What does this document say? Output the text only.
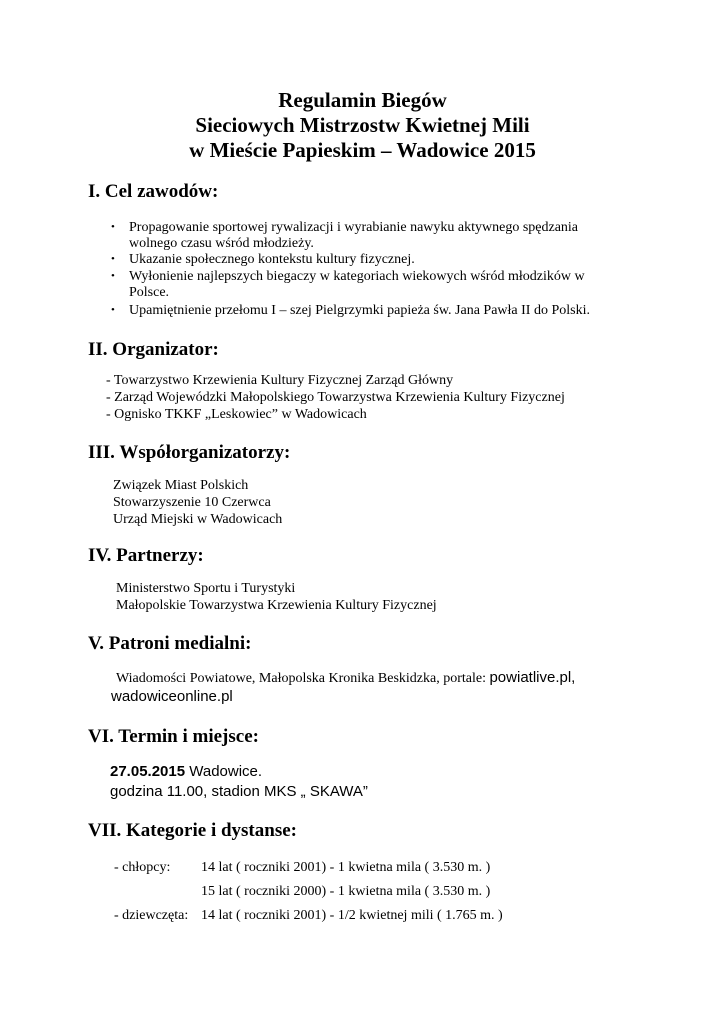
Regulamin Biegów
Sieciowych Mistrzostw Kwietnej Mili
w Mieście Papieskim – Wadowice 2015
I. Cel zawodów:
• Propagowanie sportowej rywalizacji i wyrabianie nawyku aktywnego spędzania
wolnego czasu wśród młodzieży.
• Ukazanie społecznego kontekstu kultury fizycznej.
• Wyłonienie najlepszych biegaczy w kategoriach wiekowych wśród młodzików w
Polsce.
• Upamiętnienie przełomu I – szej Pielgrzymki papieża św. Jana Pawła II do Polski.
II. Organizator:
- Towarzystwo Krzewienia Kultury Fizycznej Zarząd Główny
- Zarząd Wojewódzki Małopolskiego Towarzystwa Krzewienia Kultury Fizycznej
- Ognisko TKKF „Leskowiec” w Wadowicach
III. Współorganizatorzy:
Związek Miast Polskich
Stowarzyszenie 10 Czerwca
Urząd Miejski w Wadowicach
IV. Partnerzy:
Ministerstwo Sportu i Turystyki
Małopolskie Towarzystwa Krzewienia Kultury Fizycznej
V. Patroni medialni:
Wiadomości Powiatowe, Małopolska Kronika Beskidzka, portale: powiatlive.pl,
wadowiceonline.pl
VI. Termin i miejsce:
27.05.2015 Wadowice.
godzina 11.00, stadion MKS „ SKAWA”
VII. Kategorie i dystanse:
- chłopcy: 14 lat ( roczniki 2001) - 1 kwietna mila ( 3.530 m. )
15 lat ( roczniki 2000) - 1 kwietna mila ( 3.530 m. )
- dziewczęta: 14 lat ( roczniki 2001) - 1/2 kwietnej mili ( 1.765 m. )
